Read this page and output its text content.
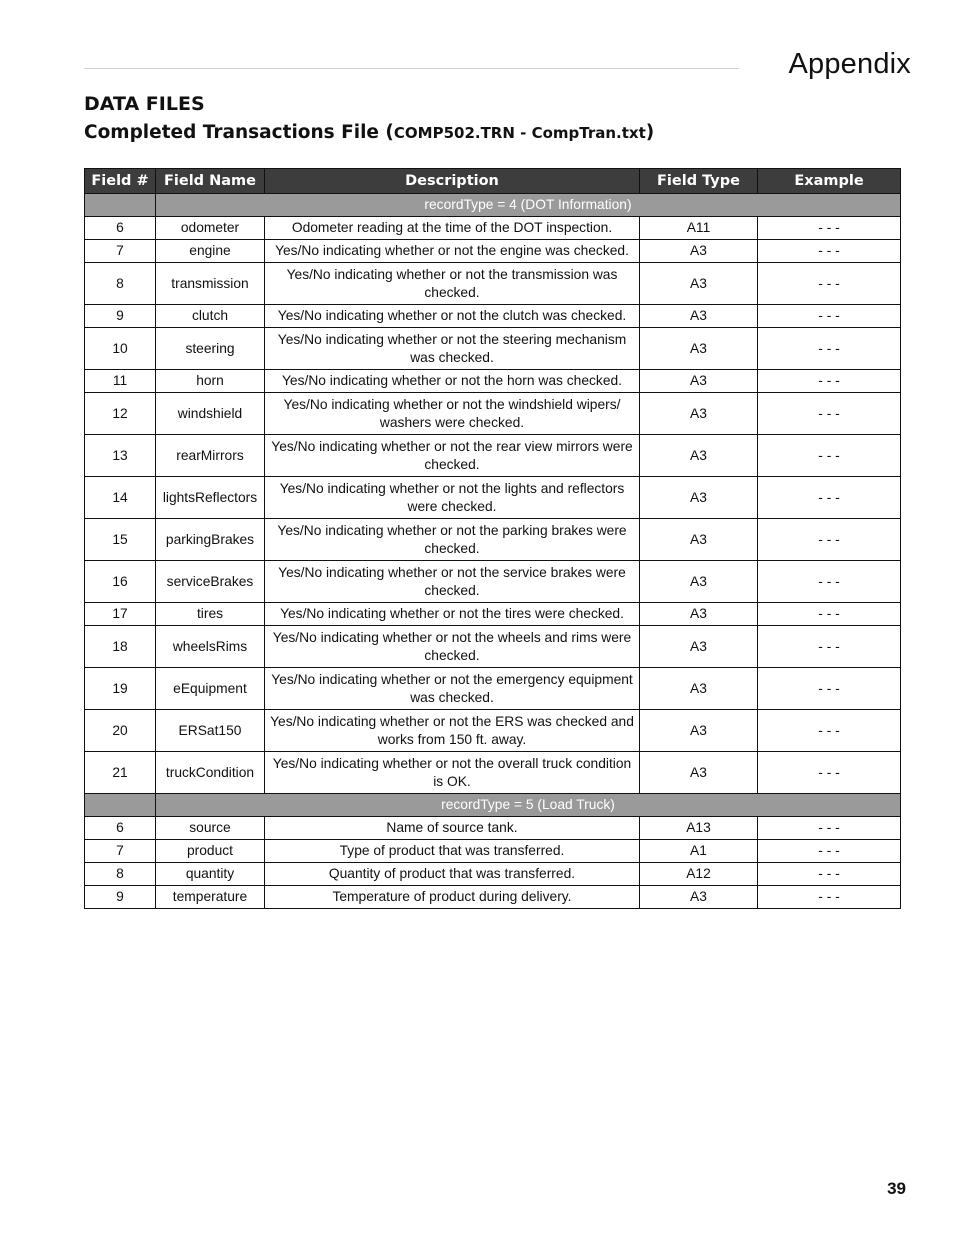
Appendix
DATA FILES
Completed Transactions File (COMP502.TRN - CompTran.txt)
Field #	Field Name	Description	Field Type	Example
	recordType = 4 (DOT Information)			
6	odometer	Odometer reading at the time of the DOT inspection.	A11	- - -
7	engine	Yes/No indicating whether or not the engine was checked.	A3	- - -
8	transmission	Yes/No indicating whether or not the transmission was checked.	A3	- - -
9	clutch	Yes/No indicating whether or not the clutch was checked.	A3	- - -
10	steering	Yes/No indicating whether or not the steering mechanism was checked.	A3	- - -
11	horn	Yes/No indicating whether or not the horn was checked.	A3	- - -
12	windshield	Yes/No indicating whether or not the windshield wipers/ washers were checked.	A3	- - -
13	rearMirrors	Yes/No indicating whether or not the rear view mirrors were checked.	A3	- - -
14	lightsReflectors	Yes/No indicating whether or not the lights and reflectors were checked.	A3	- - -
15	parkingBrakes	Yes/No indicating whether or not the parking brakes were checked.	A3	- - -
16	serviceBrakes	Yes/No indicating whether or not the service brakes were checked.	A3	- - -
17	tires	Yes/No indicating whether or not the tires were checked.	A3	- - -
18	wheelsRims	Yes/No indicating whether or not the wheels and rims were checked.	A3	- - -
19	eEquipment	Yes/No indicating whether or not the emergency equipment was checked.	A3	- - -
20	ERSat150	Yes/No indicating whether or not the ERS was checked and works from 150 ft. away.	A3	- - -
21	truckCondition	Yes/No indicating whether or not the overall truck condition is OK.	A3	- - -
	recordType = 5 (Load Truck)			
6	source	Name of source tank.	A13	- - -
7	product	Type of product that was transferred.	A1	- - -
8	quantity	Quantity of product that was transferred.	A12	- - -
9	temperature	Temperature of product during delivery.	A3	- - -
39
